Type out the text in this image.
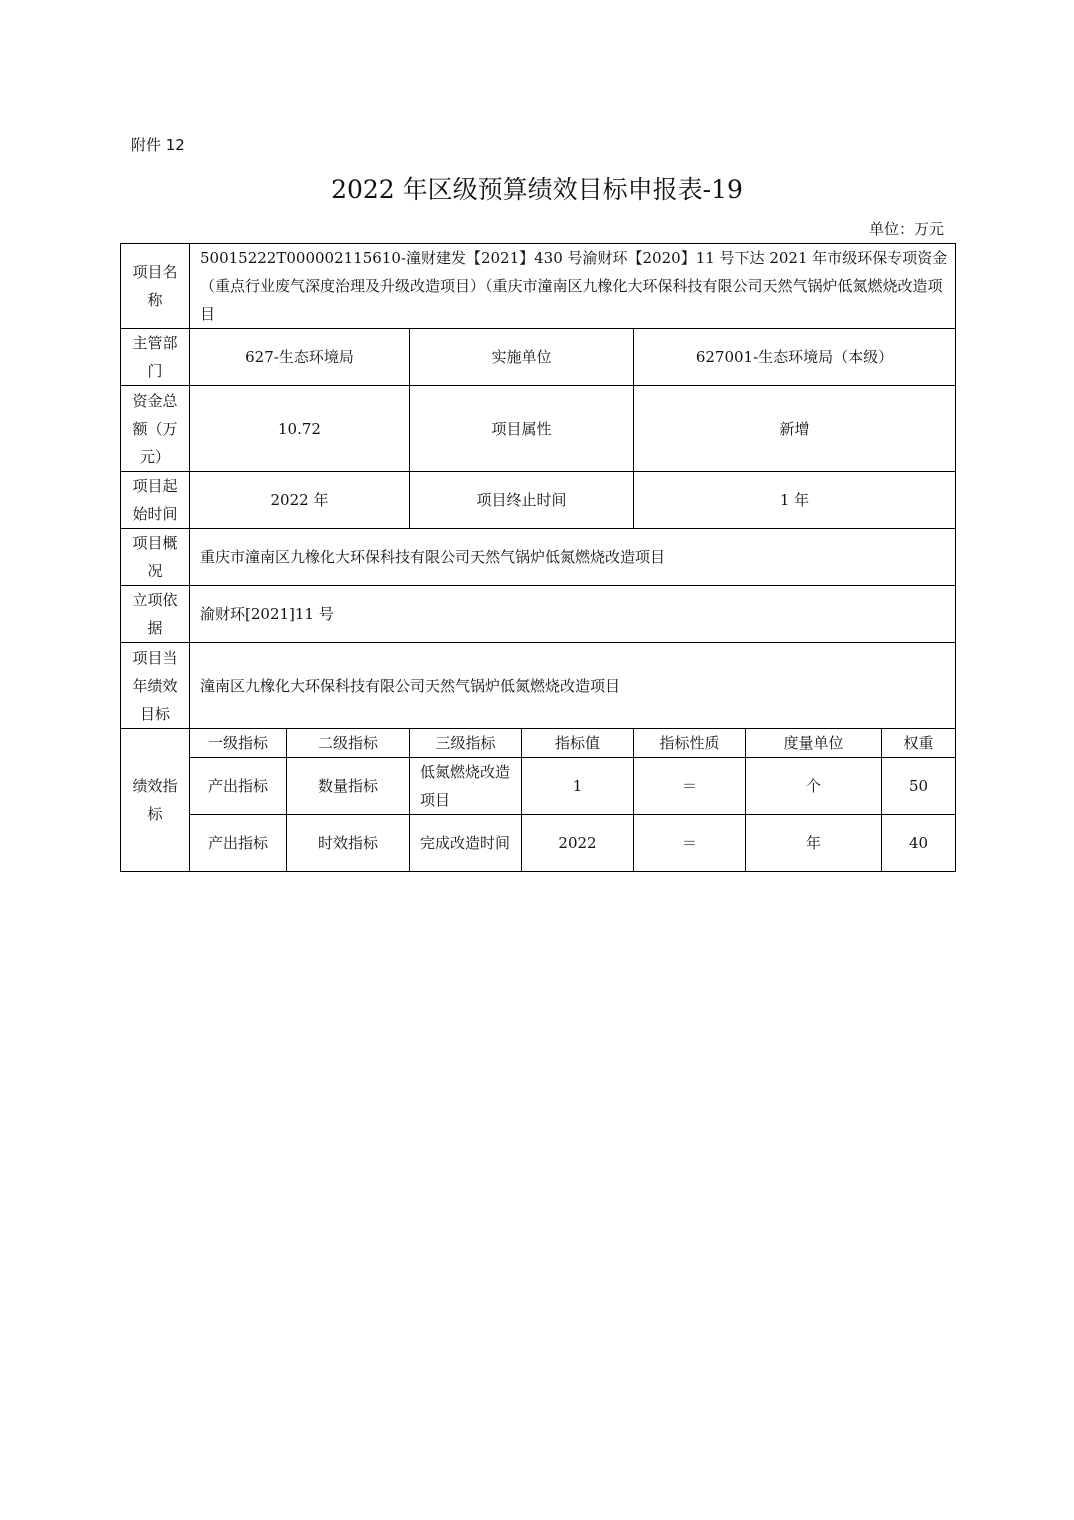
附件 12
2022 年区级预算绩效目标申报表-19
单位：万元
项目名称	50015222T000002115610-潼财建发【2021】430 号渝财环【2020】11 号下达 2021 年市级环保专项资金（重点行业废气深度治理及升级改造项目）（重庆市潼南区九橡化大环保科技有限公司天然气锅炉低氮燃烧改造项目						
主管部门	627-生态环境局		实施单位		627001-生态环境局（本级）		
资金总额（万元）	10.72		项目属性		新增		
项目起始时间	2022 年		项目终止时间		1 年		
项目概况	重庆市潼南区九橡化大环保科技有限公司天然气锅炉低氮燃烧改造项目						
立项依据	渝财环[2021]11 号						
项目当年绩效目标	潼南区九橡化大环保科技有限公司天然气锅炉低氮燃烧改造项目						
绩效指标	一级指标	二级指标	三级指标	指标值	指标性质	度量单位	权重
	产出指标	数量指标	低氮燃烧改造项目	1	＝	个	50
	产出指标	时效指标	完成改造时间	2022	＝	年	40
